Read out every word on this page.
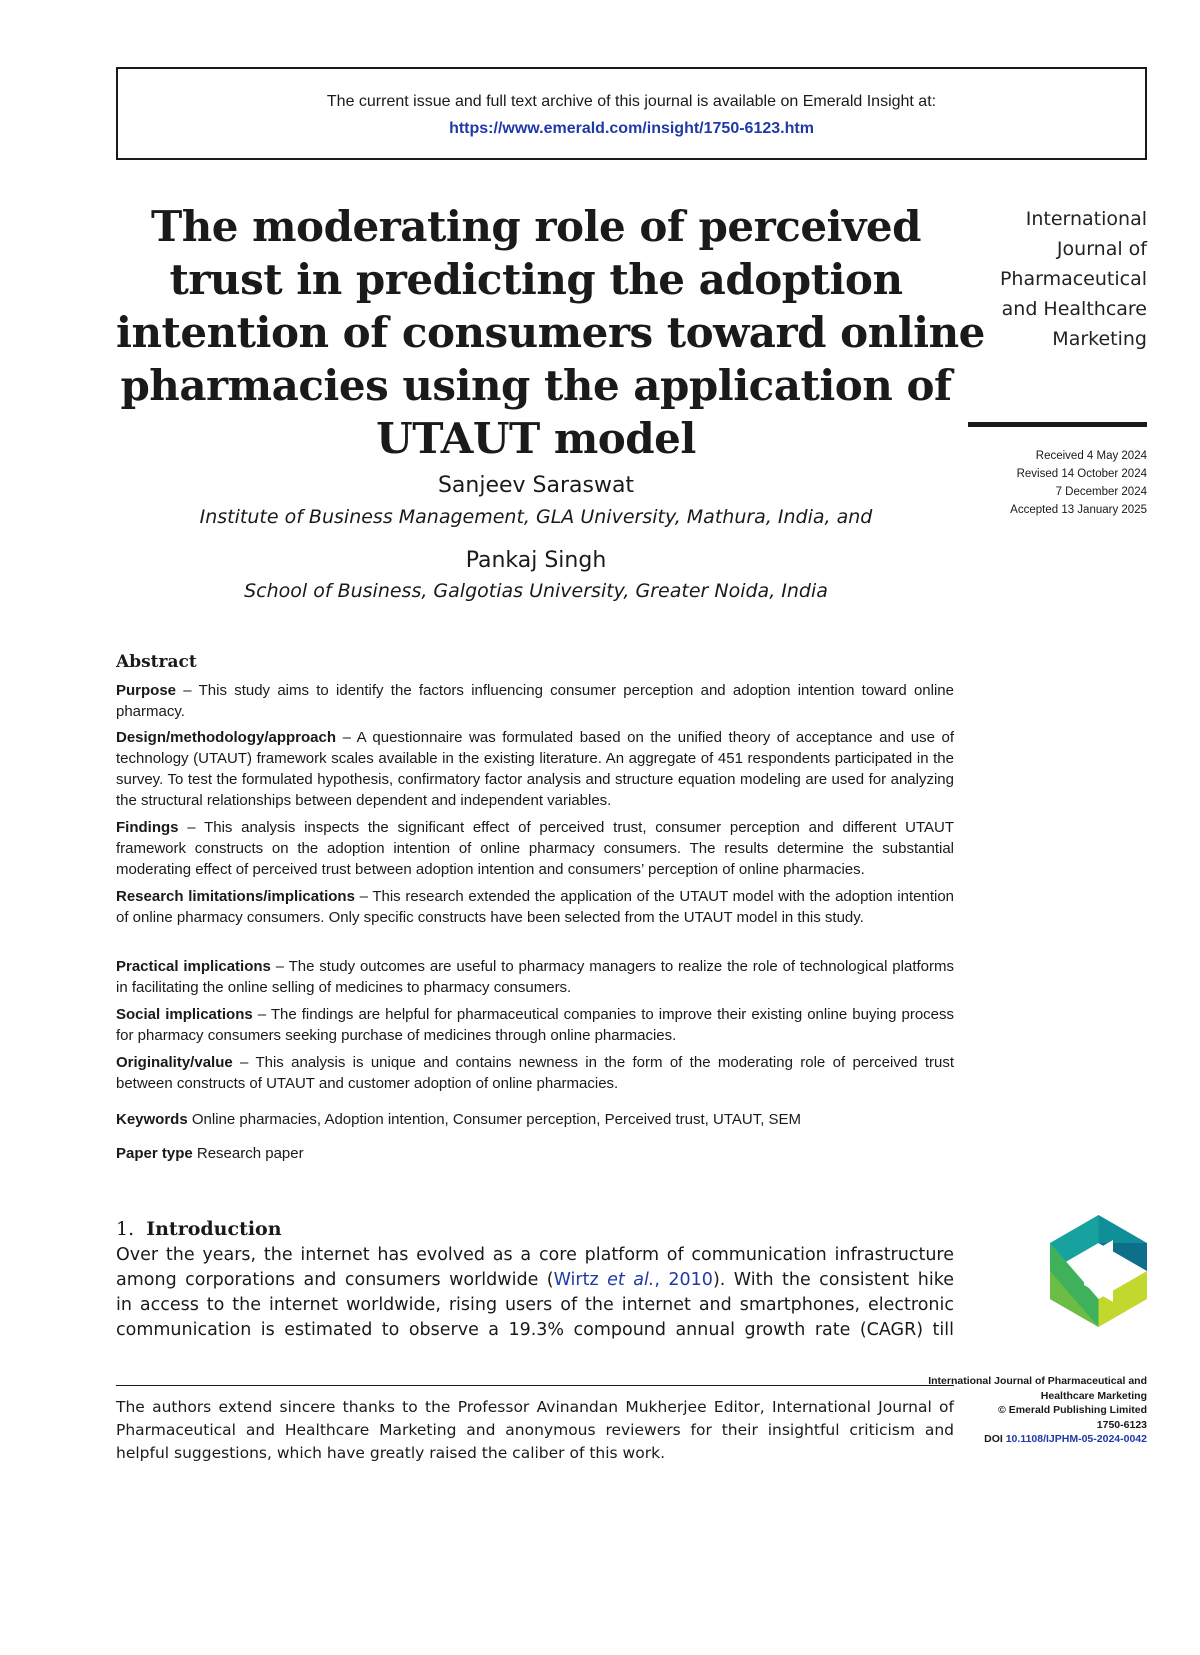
The current issue and full text archive of this journal is available on Emerald Insight at:
https://www.emerald.com/insight/1750-6123.htm
The moderating role of perceived
trust in predicting the adoption
intention of consumers toward online
pharmacies using the application of
UTAUT model
International
Journal of
Pharmaceutical
and Healthcare
Marketing
Received 4 May 2024
Revised 14 October 2024
7 December 2024
Accepted 13 January 2025
Sanjeev Saraswat
Institute of Business Management, GLA University, Mathura, India, and
Pankaj Singh
School of Business, Galgotias University, Greater Noida, India
Abstract
Purpose – This study aims to identify the factors influencing consumer perception and adoption intention toward online pharmacy.
Design/methodology/approach – A questionnaire was formulated based on the unified theory of acceptance and use of technology (UTAUT) framework scales available in the existing literature. An aggregate of 451 respondents participated in the survey. To test the formulated hypothesis, confirmatory factor analysis and structure equation modeling are used for analyzing the structural relationships between dependent and independent variables.
Findings – This analysis inspects the significant effect of perceived trust, consumer perception and different UTAUT framework constructs on the adoption intention of online pharmacy consumers. The results determine the substantial moderating effect of perceived trust between adoption intention and consumers’ perception of online pharmacies.
Research limitations/implications – This research extended the application of the UTAUT model with the adoption intention of online pharmacy consumers. Only specific constructs have been selected from the UTAUT model in this study.
Practical implications – The study outcomes are useful to pharmacy managers to realize the role of technological platforms in facilitating the online selling of medicines to pharmacy consumers.
Social implications – The findings are helpful for pharmaceutical companies to improve their existing online buying process for pharmacy consumers seeking purchase of medicines through online pharmacies.
Originality/value – This analysis is unique and contains newness in the form of the moderating role of perceived trust between constructs of UTAUT and customer adoption of online pharmacies.
Keywords Online pharmacies, Adoption intention, Consumer perception, Perceived trust, UTAUT, SEM
Paper type Research paper
1. Introduction
Over the years, the internet has evolved as a core platform of communication infrastructure
among corporations and consumers worldwide (Wirtz et al., 2010). With the consistent hike
in access to the internet worldwide, rising users of the internet and smartphones, electronic
communication is estimated to observe a 19.3% compound annual growth rate (CAGR) till
The authors extend sincere thanks to the Professor Avinandan Mukherjee Editor, International Journal of Pharmaceutical and Healthcare Marketing and anonymous reviewers for their insightful criticism and helpful suggestions, which have greatly raised the caliber of this work.
International Journal of Pharmaceutical and Healthcare Marketing
© Emerald Publishing Limited
1750-6123
DOI 10.1108/IJPHM-05-2024-0042
